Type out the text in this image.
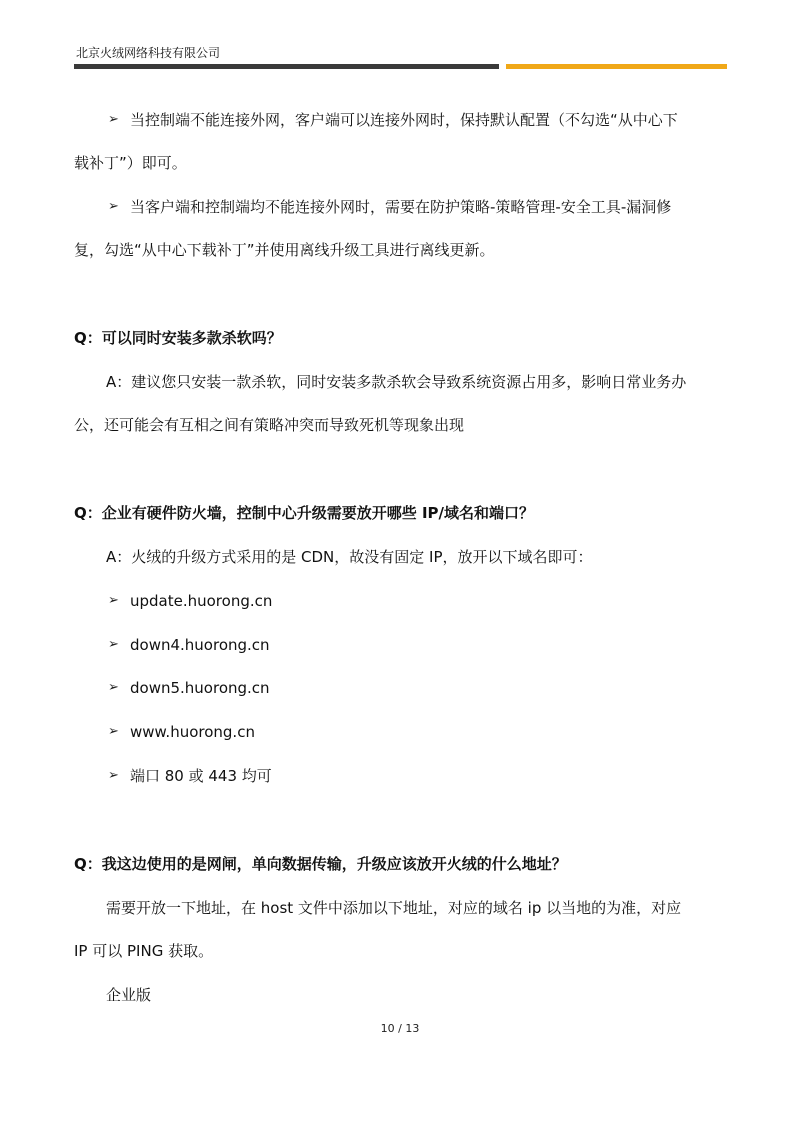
北京火绒网络科技有限公司
➢ 当控制端不能连接外网，客户端可以连接外网时，保持默认配置（不勾选“从中心下
载补丁”）即可。
➢ 当客户端和控制端均不能连接外网时，需要在防护策略-策略管理-安全工具-漏洞修
复，勾选“从中心下载补丁”并使用离线升级工具进行离线更新。
Q：可以同时安装多款杀软吗？
A：建议您只安装一款杀软，同时安装多款杀软会导致系统资源占用多，影响日常业务办
公，还可能会有互相之间有策略冲突而导致死机等现象出现
Q：企业有硬件防火墙，控制中心升级需要放开哪些 IP/域名和端口？
A：火绒的升级方式采用的是 CDN，故没有固定 IP，放开以下域名即可：
➢ update.huorong.cn
➢ down4.huorong.cn
➢ down5.huorong.cn
➢ www.huorong.cn
➢ 端口 80 或 443 均可
Q：我这边使用的是网闸，单向数据传输，升级应该放开火绒的什么地址？
需要开放一下地址，在 host 文件中添加以下地址，对应的域名 ip 以当地的为准，对应
IP 可以 PING 获取。
企业版
10 / 13
